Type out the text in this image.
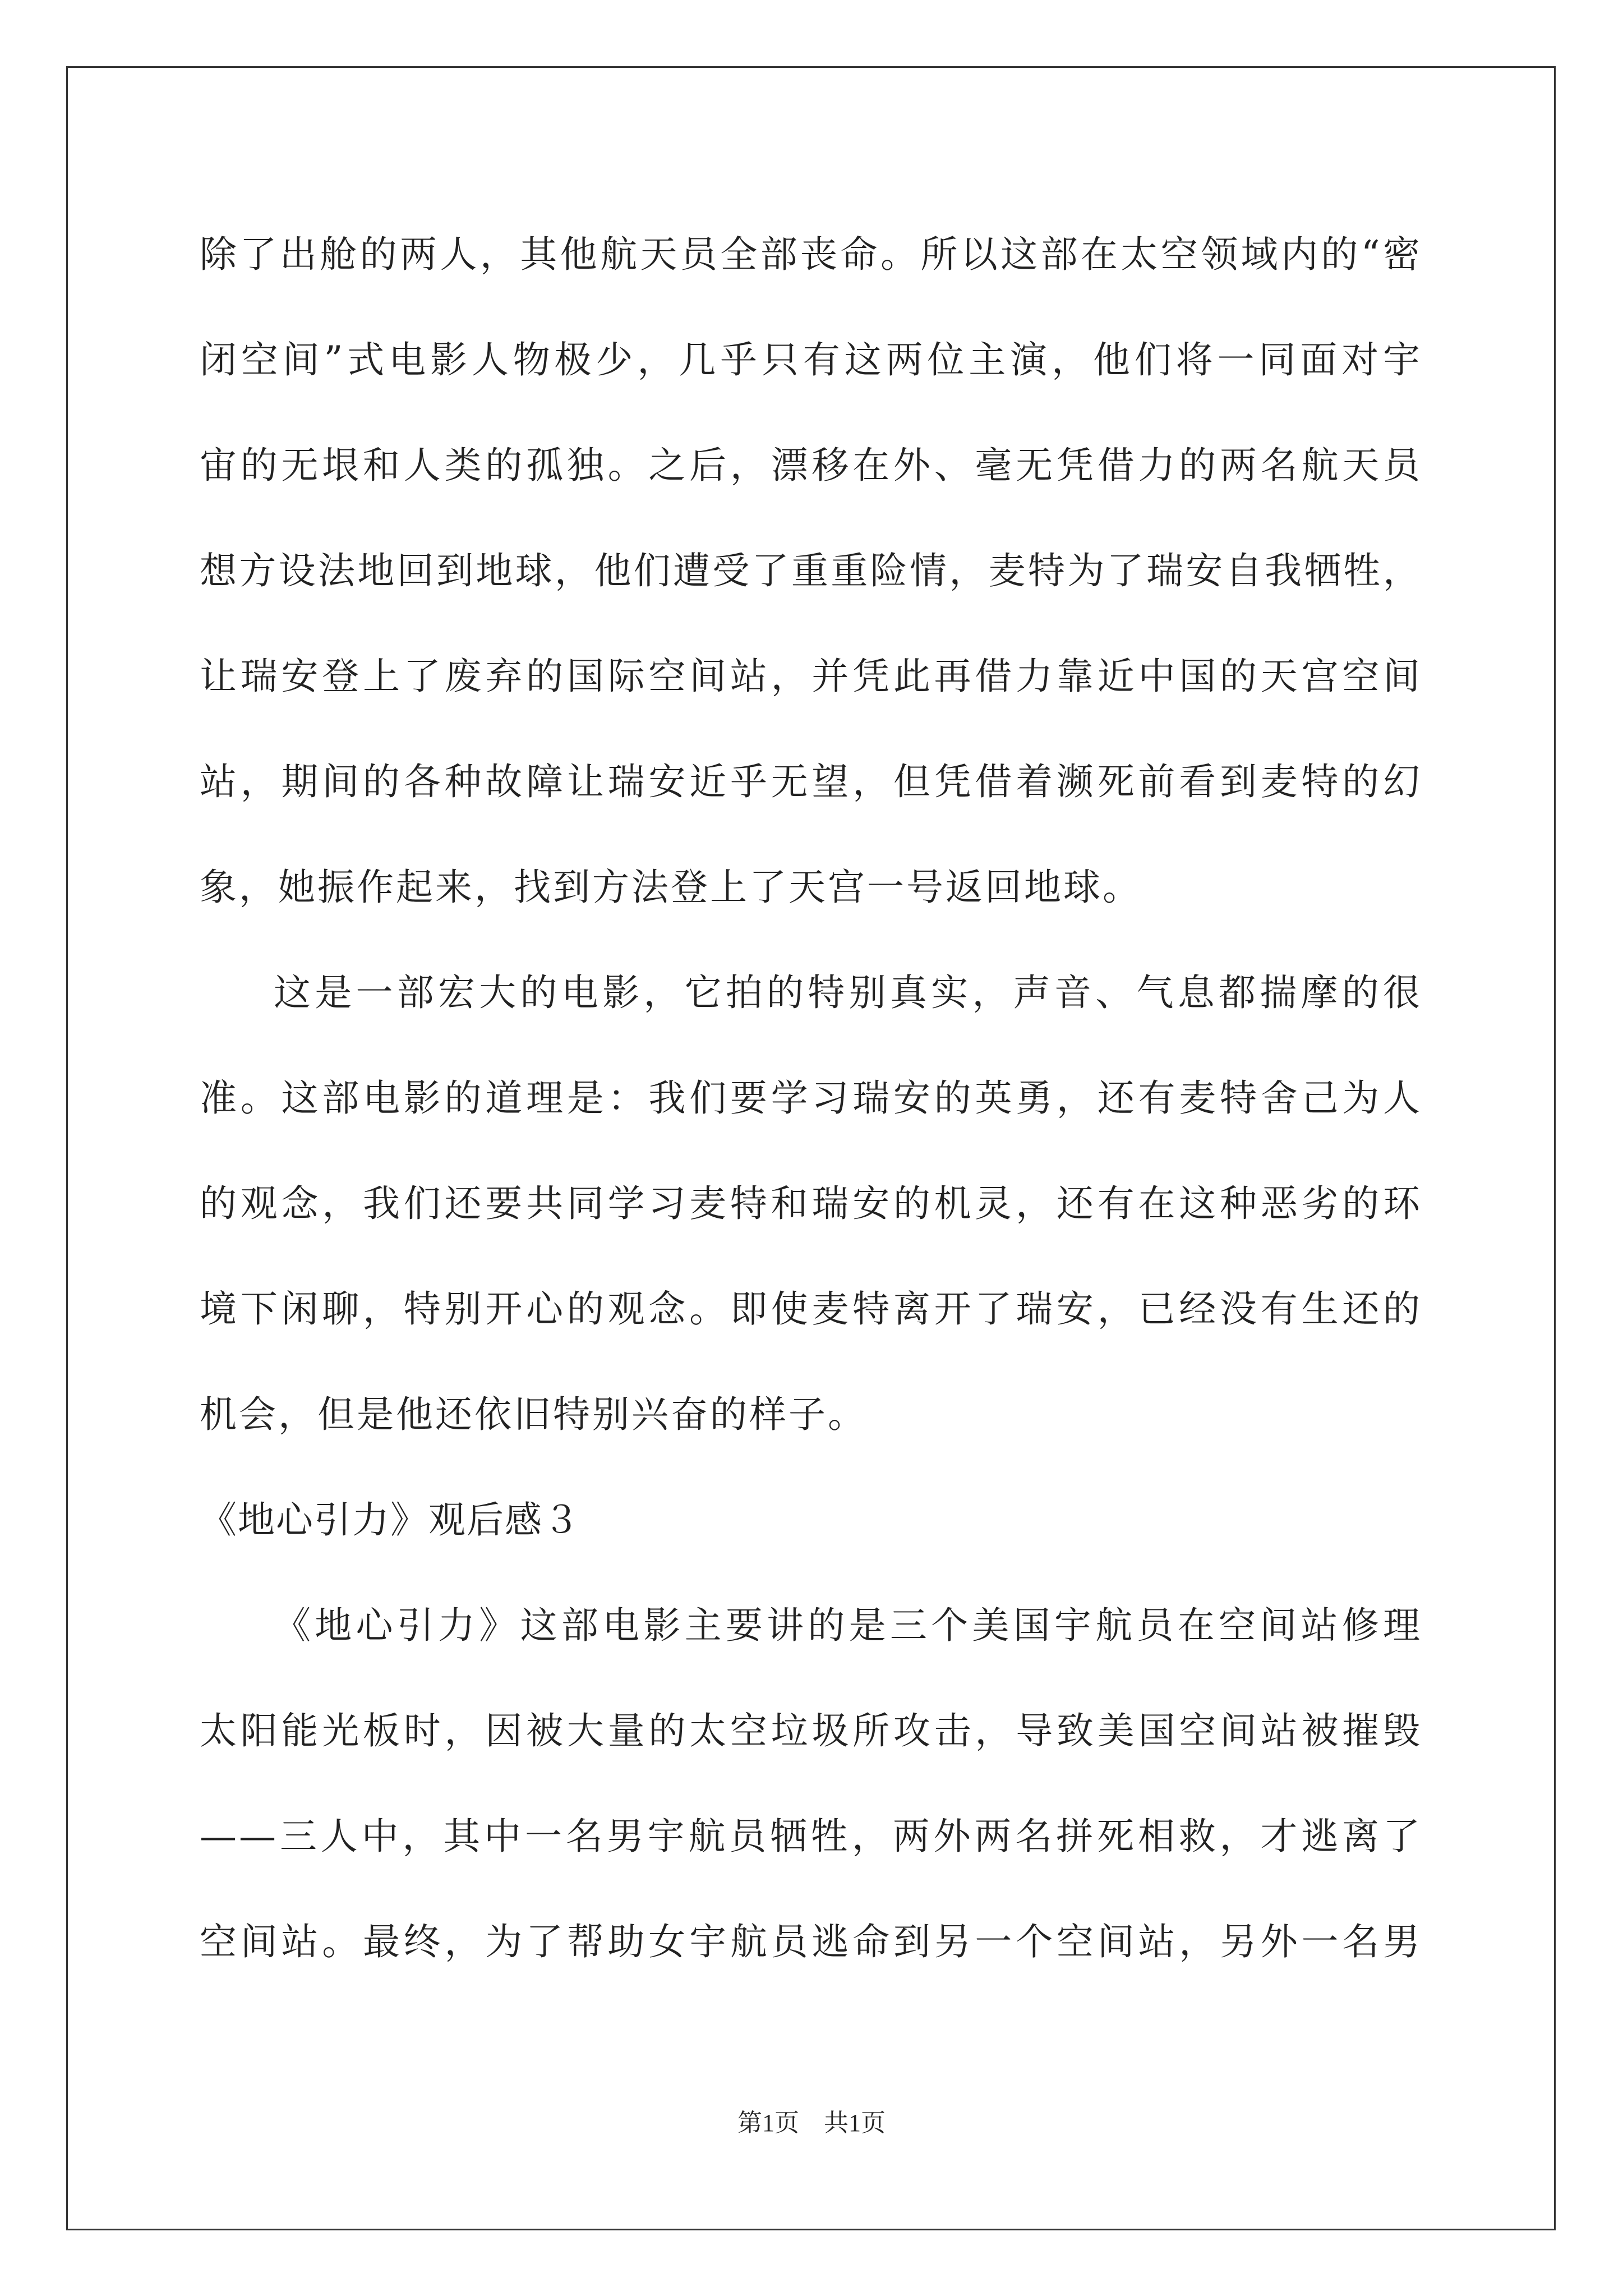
除了出舱的两人，其他航天员全部丧命。所以这部在太空领域内的“密
闭空间”式电影人物极少，几乎只有这两位主演，他们将一同面对宇
宙的无垠和人类的孤独。之后，漂移在外、毫无凭借力的两名航天员
想方设法地回到地球，他们遭受了重重险情，麦特为了瑞安自我牺牲，
让瑞安登上了废弃的国际空间站，并凭此再借力靠近中国的天宫空间
站，期间的各种故障让瑞安近乎无望，但凭借着濒死前看到麦特的幻
象，她振作起来，找到方法登上了天宫一号返回地球。
这是一部宏大的电影，它拍的特别真实，声音、气息都揣摩的很
准。这部电影的道理是：我们要学习瑞安的英勇，还有麦特舍己为人
的观念，我们还要共同学习麦特和瑞安的机灵，还有在这种恶劣的环
境下闲聊，特别开心的观念。即使麦特离开了瑞安，已经没有生还的
机会，但是他还依旧特别兴奋的样子。
《地心引力》观后感３
《地心引力》这部电影主要讲的是三个美国宇航员在空间站修理
太阳能光板时，因被大量的太空垃圾所攻击，导致美国空间站被摧毁
——三人中，其中一名男宇航员牺牲，两外两名拼死相救，才逃离了
空间站。最终，为了帮助女宇航员逃命到另一个空间站，另外一名男
第1页 共1页
